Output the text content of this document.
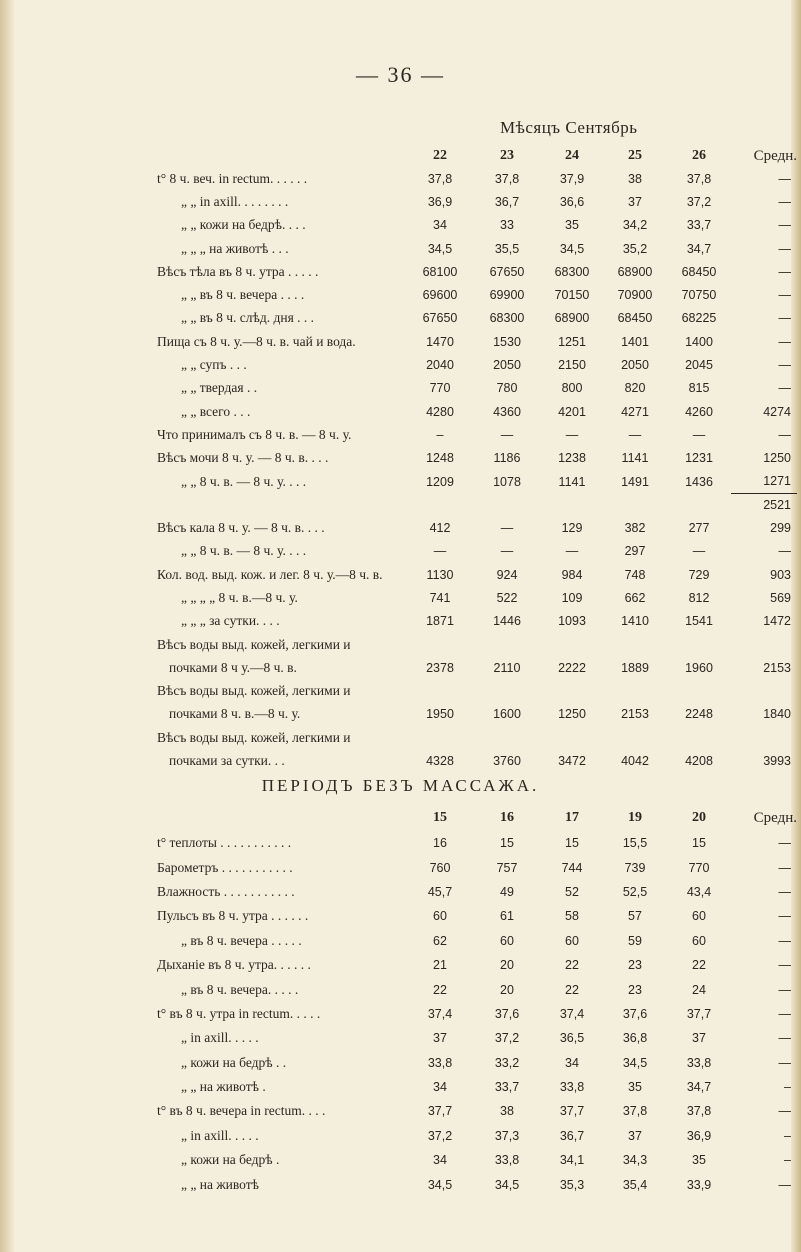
— 36 —
Мѣсяцъ Сентябрь
	22	23	24	25	26	Средн.
t° 8 ч. веч. in rectum. . . . . .	37,8	37,8	37,9	38	37,8	—
„ „ in axill. . . . . . . .	36,9	36,7	36,6	37	37,2	—
„ „ кожи на бедрѣ. . . .	34	33	35	34,2	33,7	—
„ „ „ на животѣ . . .	34,5	35,5	34,5	35,2	34,7	—
Вѣсъ тѣла въ 8 ч. утра . . . . .	68100	67650	68300	68900	68450	—
„ „ въ 8 ч. вечера . . . .	69600	69900	70150	70900	70750	—
„ „ въ 8 ч. слѣд. дня . . .	67650	68300	68900	68450	68225	—
Пища съ 8 ч. у.—8 ч. в. чай и вода.	1470	1530	1251	1401	1400	—
„ „ супъ . . .	2040	2050	2150	2050	2045	—
„ „ твердая . .	770	780	800	820	815	—
„ „ всего . . .	4280	4360	4201	4271	4260	4274
Что принималъ съ 8 ч. в. — 8 ч. у.	–	—	—	—	—	—
Вѣсъ мочи 8 ч. у. — 8 ч. в. . . .	1248	1186	1238	1141	1231	1250
„ „ 8 ч. в. — 8 ч. у. . . .	1209	1078	1141	1491	1436	1271
						2521
Вѣсъ кала 8 ч. у. — 8 ч. в. . . .	412	—	129	382	277	299
„ „ 8 ч. в. — 8 ч. у. . . .	—	—	—	297	—	—
Кол. вод. выд. кож. и лег. 8 ч. у.—8 ч. в.	1130	924	984	748	729	903
„ „ „ „ 8 ч. в.—8 ч. у.	741	522	109	662	812	569
„ „ „ за сутки. . . .	1871	1446	1093	1410	1541	1472
Вѣсъ воды выд. кожей, легкими и						
почками 8 ч у.—8 ч. в.	2378	2110	2222	1889	1960	2153
Вѣсъ воды выд. кожей, легкими и						
почками 8 ч. в.—8 ч. у.	1950	1600	1250	2153	2248	1840
Вѣсъ воды выд. кожей, легкими и						
почками за сутки. . .	4328	3760	3472	4042	4208	3993
ПЕРІОДЪ БЕЗЪ МАССАЖА.
	15	16	17	19	20	Средн.
t° теплоты . . . . . . . . . . .	16	15	15	15,5	15	—
Барометръ . . . . . . . . . . .	760	757	744	739	770	—
Влажность . . . . . . . . . . .	45,7	49	52	52,5	43,4	—
Пульсъ въ 8 ч. утра . . . . . .	60	61	58	57	60	—
„ въ 8 ч. вечера . . . . .	62	60	60	59	60	—
Дыханіе въ 8 ч. утра. . . . . .	21	20	22	23	22	—
„ въ 8 ч. вечера. . . . .	22	20	22	23	24	—
t° въ 8 ч. утра in rectum. . . . .	37,4	37,6	37,4	37,6	37,7	—
„ in axill. . . . .	37	37,2	36,5	36,8	37	—
„ кожи на бедрѣ . .	33,8	33,2	34	34,5	33,8	—
„ „ на животѣ .	34	33,7	33,8	35	34,7	–
t° въ 8 ч. вечера in rectum. . . .	37,7	38	37,7	37,8	37,8	—
„ in axill. . . . .	37,2	37,3	36,7	37	36,9	–
„ кожи на бедрѣ .	34	33,8	34,1	34,3	35	–
„ „ на животѣ	34,5	34,5	35,3	35,4	33,9	—
